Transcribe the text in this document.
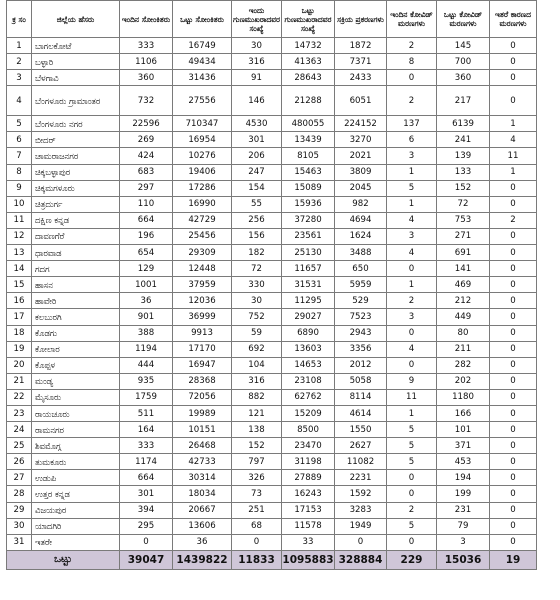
ಕ್ರ ಸಂ	ಜಿಲ್ಲೆಯ ಹೆಸರು	ಇಂದಿನ ಸೋಂಕಿತರು	ಒಟ್ಟು ಸೋಂಕಿತರು	ಇಂದು ಗುಣಮುಖರಾದವರ ಸಂಖ್ಯೆ	ಒಟ್ಟು ಗುಣಮುಖರಾದವರ ಸಂಖ್ಯೆ	ಸಕ್ರಿಯ ಪ್ರಕರಣಗಳು	ಇಂದಿನ ಕೋವಿಡ್ ಮರಣಗಳು	ಒಟ್ಟು ಕೋವಿಡ್ ಮರಣಗಳು	ಇತರೆ ಕಾರಣದ ಮರಣಗಳು
1	ಬಾಗಲಕೋಟೆ	333	16749	30	14732	1872	2	145	0
2	ಬಳ್ಳಾರಿ	1106	49434	316	41363	7371	8	700	0
3	ಬೆಳಗಾವಿ	360	31436	91	28643	2433	0	360	0
4	ಬೆಂಗಳೂರು ಗ್ರಾಮಾಂತರ	732	27556	146	21288	6051	2	217	0
5	ಬೆಂಗಳೂರು ನಗರ	22596	710347	4530	480055	224152	137	6139	1
6	ಬೀದರ್	269	16954	301	13439	3270	6	241	4
7	ಚಾಮರಾಜನಗರ	424	10276	206	8105	2021	3	139	11
8	ಚಿಕ್ಕಬಳ್ಳಾಪುರ	683	19406	247	15463	3809	1	133	1
9	ಚಿಕ್ಕಮಗಳೂರು	297	17286	154	15089	2045	5	152	0
10	ಚಿತ್ರದುರ್ಗ	110	16990	55	15936	982	1	72	0
11	ದಕ್ಷಿಣ ಕನ್ನಡ	664	42729	256	37280	4694	4	753	2
12	ದಾವಣಗೆರೆ	196	25456	156	23561	1624	3	271	0
13	ಧಾರವಾಡ	654	29309	182	25130	3488	4	691	0
14	ಗದಗ	129	12448	72	11657	650	0	141	0
15	ಹಾಸನ	1001	37959	330	31531	5959	1	469	0
16	ಹಾವೇರಿ	36	12036	30	11295	529	2	212	0
17	ಕಲಬುರಗಿ	901	36999	752	29027	7523	3	449	0
18	ಕೊಡಗು	388	9913	59	6890	2943	0	80	0
19	ಕೋಲಾರ	1194	17170	692	13603	3356	4	211	0
20	ಕೊಪ್ಪಳ	444	16947	104	14653	2012	0	282	0
21	ಮಂಡ್ಯ	935	28368	316	23108	5058	9	202	0
22	ಮೈಸೂರು	1759	72056	882	62762	8114	11	1180	0
23	ರಾಯಚೂರು	511	19989	121	15209	4614	1	166	0
24	ರಾಮನಗರ	164	10151	138	8500	1550	5	101	0
25	ಶಿವಮೊಗ್ಗ	333	26468	152	23470	2627	5	371	0
26	ತುಮಕೂರು	1174	42733	797	31198	11082	5	453	0
27	ಉಡುಪಿ	664	30314	326	27889	2231	0	194	0
28	ಉತ್ತರ ಕನ್ನಡ	301	18034	73	16243	1592	0	199	0
29	ವಿಜಯಪುರ	394	20667	251	17153	3283	2	231	0
30	ಯಾದಗಿರಿ	295	13606	68	11578	1949	5	79	0
31	ಇತರೇ	0	36	0	33	0	0	3	0
ಒಟ್ಟು		39047	1439822	11833	1095883	328884	229	15036	19
